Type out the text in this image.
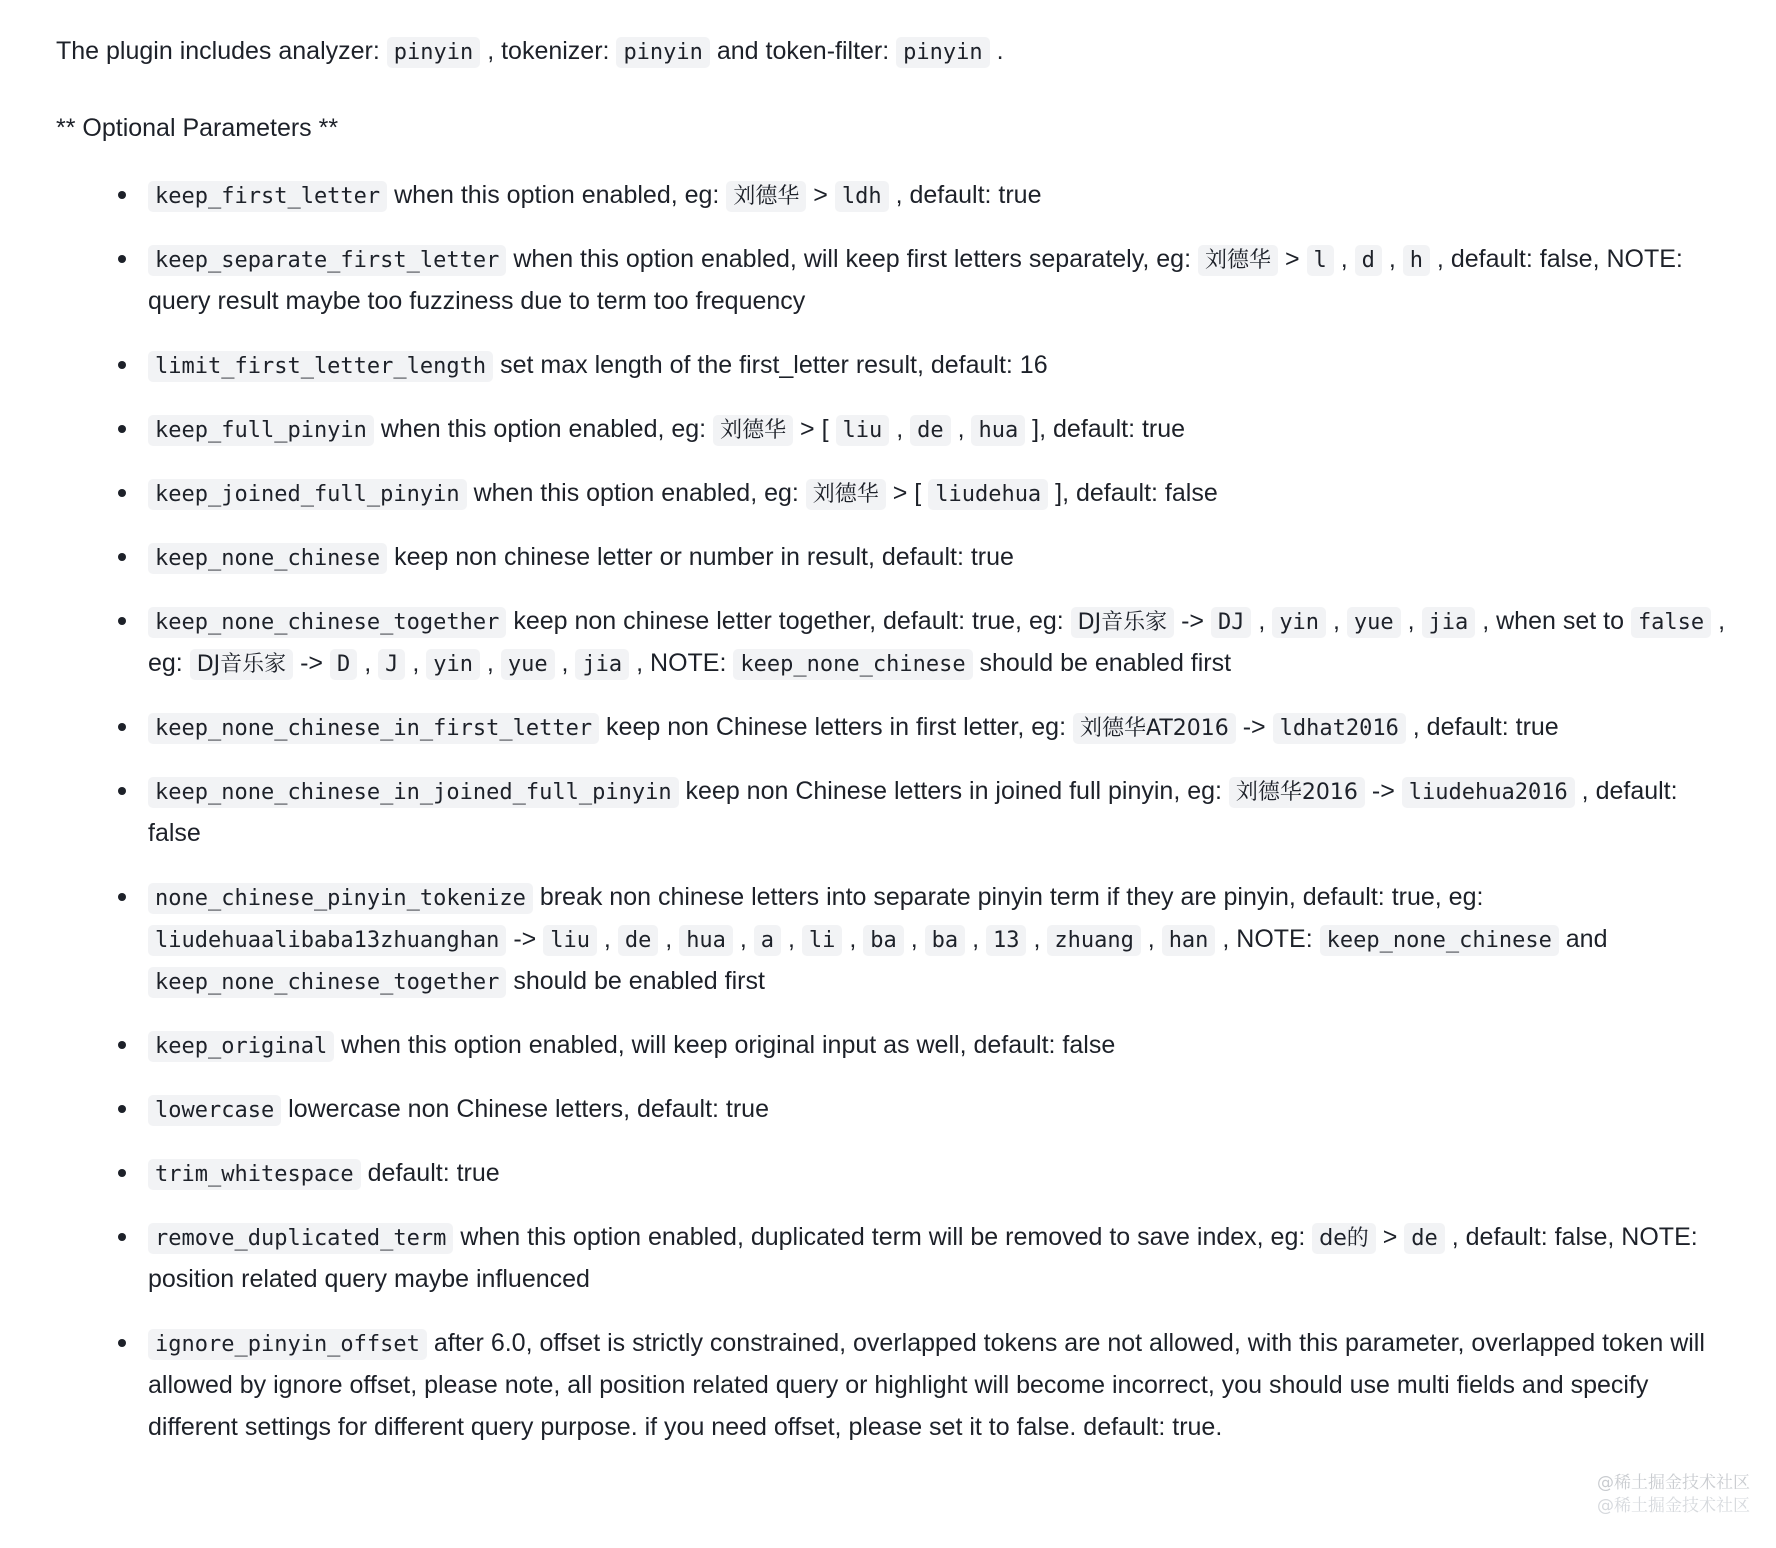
The plugin includes analyzer: pinyin , tokenizer: pinyin and token-filter: pinyin .

** Optional Parameters **

keep_first_letter when this option enabled, eg: 刘德华 > ldh , default: true
keep_separate_first_letter when this option enabled, will keep first letters separately, eg: 刘德华 > l , d , h , default: false, NOTE: query result maybe too fuzziness due to term too frequency
limit_first_letter_length set max length of the first_letter result, default: 16
keep_full_pinyin when this option enabled, eg: 刘德华 > [ liu , de , hua ], default: true
keep_joined_full_pinyin when this option enabled, eg: 刘德华 > [ liudehua ], default: false
keep_none_chinese keep non chinese letter or number in result, default: true
keep_none_chinese_together keep non chinese letter together, default: true, eg: DJ音乐家 -> DJ , yin , yue , jia , when set to false , eg: DJ音乐家 -> D , J , yin , yue , jia , NOTE: keep_none_chinese should be enabled first
keep_none_chinese_in_first_letter keep non Chinese letters in first letter, eg: 刘德华AT2016 -> ldhat2016 , default: true
keep_none_chinese_in_joined_full_pinyin keep non Chinese letters in joined full pinyin, eg: 刘德华2016 -> liudehua2016 , default: false
none_chinese_pinyin_tokenize break non chinese letters into separate pinyin term if they are pinyin, default: true, eg: liudehuaalibaba13zhuanghan -> liu , de , hua , a , li , ba , ba , 13 , zhuang , han , NOTE: keep_none_chinese and keep_none_chinese_together should be enabled first
keep_original when this option enabled, will keep original input as well, default: false
lowercase lowercase non Chinese letters, default: true
trim_whitespace default: true
remove_duplicated_term when this option enabled, duplicated term will be removed to save index, eg: de的 > de , default: false, NOTE: position related query maybe influenced
ignore_pinyin_offset after 6.0, offset is strictly constrained, overlapped tokens are not allowed, with this parameter, overlapped token will allowed by ignore offset, please note, all position related query or highlight will become incorrect, you should use multi fields and specify different settings for different query purpose. if you need offset, please set it to false. default: true.
@稀土掘金技术社区
@稀土掘金技术社区
